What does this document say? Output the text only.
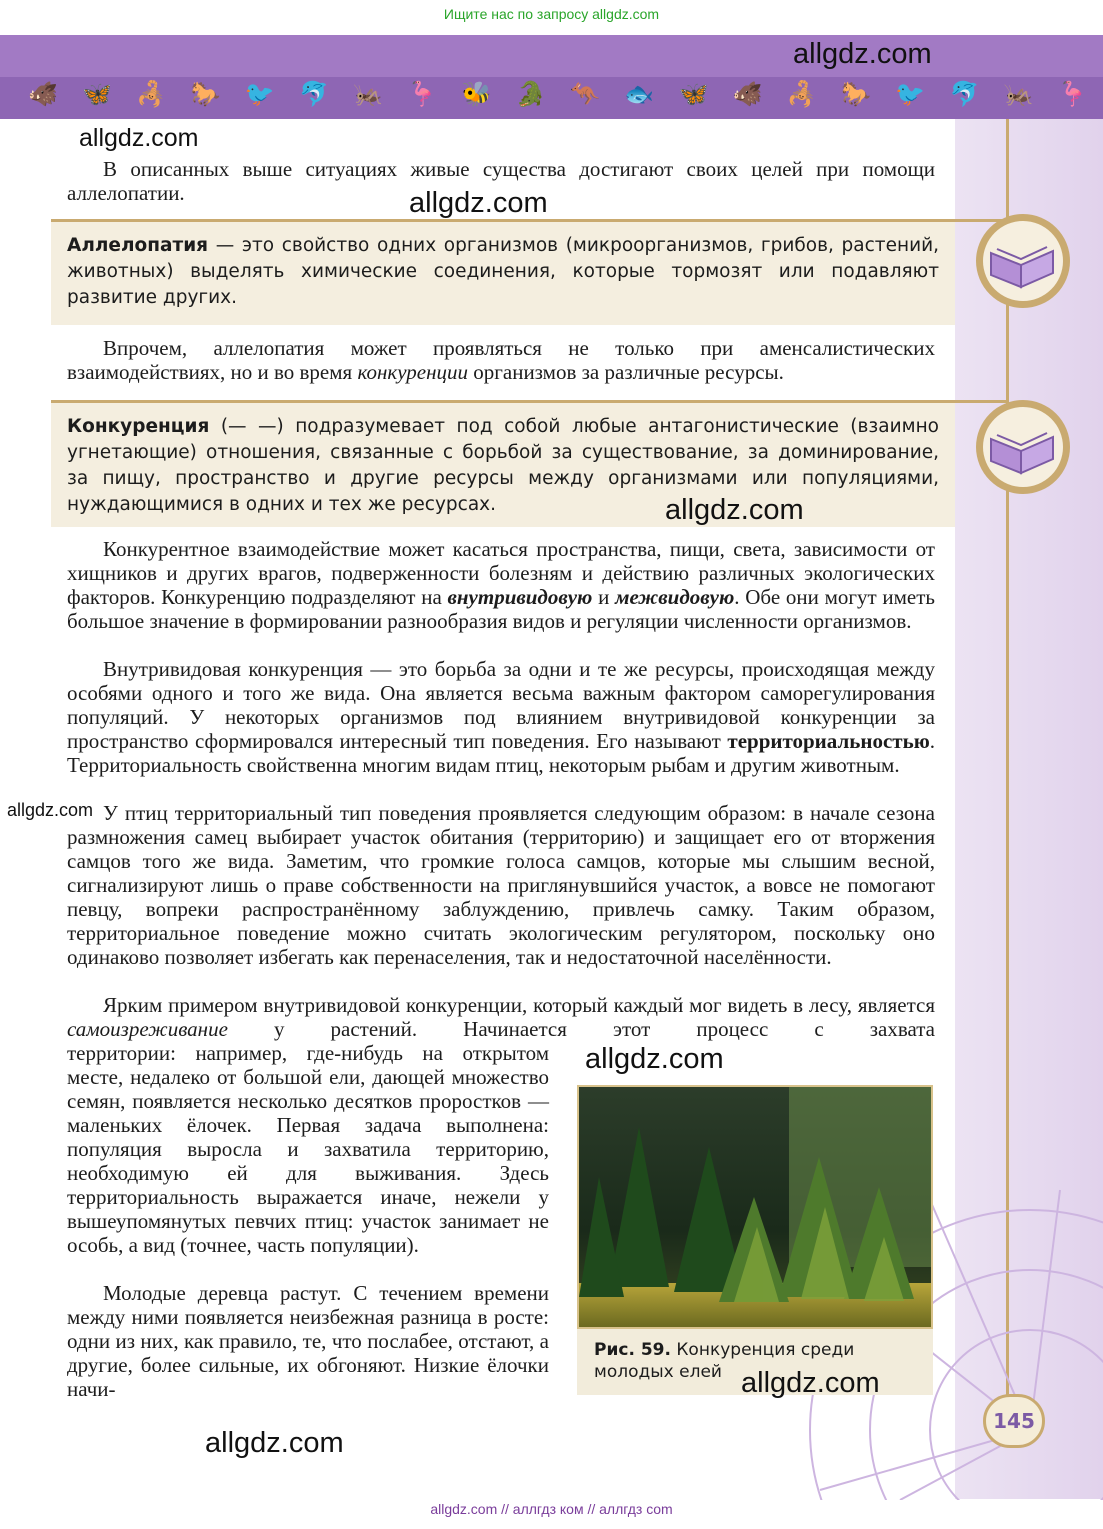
Ищите нас по запросу allgdz.com
🐗 🦋 🦂 🐎 🐦 🐬 🦗 🦩 🐝 🐊 🦘 🐟 🦋 🐗 🦂 🐎 🐦 🐬 🦗 🦩
allgdz.com
allgdz.com
В описанных выше ситуациях живые существа достигают своих целей при помощи аллелопатии.	allgdz.com
Аллелопатия — это свойство одних организмов (микроорганизмов, грибов, растений, животных) выделять химические соединения, которые тормозят или подавляют развитие других.
Впрочем, аллелопатия может проявляться не только при аменсалистических взаимодействиях, но и во время конкуренции организмов за различные ресурсы.
Конкуренция (— —) подразумевает под собой любые антагонистические (взаимно угнетающие) отношения, связанные с борьбой за существование, за доминирование, за пищу, пространство и другие ресурсы между организмами или популяциями, нуждающимися в одних и тех же ресурсах.	allgdz.com
Конкурентное взаимодействие может касаться пространства, пищи, света, зависимости от хищников и других врагов, подверженности болезням и действию различных экологических факторов. Конкуренцию подразделяют на внутривидовую и межвидовую. Обе они могут иметь большое значение в формировании разнообразия видов и регуляции численности организмов.
Внутривидовая конкуренция — это борьба за одни и те же ресурсы, происходящая между особями одного и того же вида. Она является весьма важным фактором саморегулирования популяций. У некоторых организмов под влиянием внутривидовой конкуренции за пространство сформировался интересный тип поведения. Его называют территориальностью. Территориальность свойственна многим видам птиц, некоторым рыбам и другим животным.
allgdz.com У птиц территориальный тип поведения проявляется следующим образом: в начале сезона размножения самец выбирает участок обитания (территорию) и защищает его от вторжения самцов того же вида. Заметим, что громкие голоса самцов, которые мы слышим весной, сигнализируют лишь о праве собственности на приглянувшийся участок, а вовсе не помогают певцу, вопреки распространённому заблуждению, привлечь самку. Таким образом, территориальное поведение можно считать экологическим регулятором, поскольку оно одинаково позволяет избегать как перенаселения, так и недостаточной населённости.
Ярким примером внутривидовой конкуренции, который каждый мог видеть в лесу, является самоизреживание у растений. Начинается этот процесс с захвата
территории: например, где-нибудь на открытом месте, недалеко от большой ели, дающей множество семян, появляется несколько десятков проростков — маленьких ёлочек. Первая задача выполнена: популяция выросла и захватила территорию, необходимую ей для выживания. Здесь территориальность выражается иначе, нежели у вышеупомянутых певчих птиц: участок занимает не особь, а вид (точнее, часть популяции).
allgdz.com
Молодые деревца растут. С течением времени между ними появляется неизбежная разница в росте: одни из них, как правило, те, что послабее, отстают, а другие, более сильные, их обгоняют. Низкие ёлочки начи-
Рис. 59. Конкуренция среди молодых елей allgdz.com
145
allgdz.com
allgdz.com // аллгдз ком // аллгдз com
